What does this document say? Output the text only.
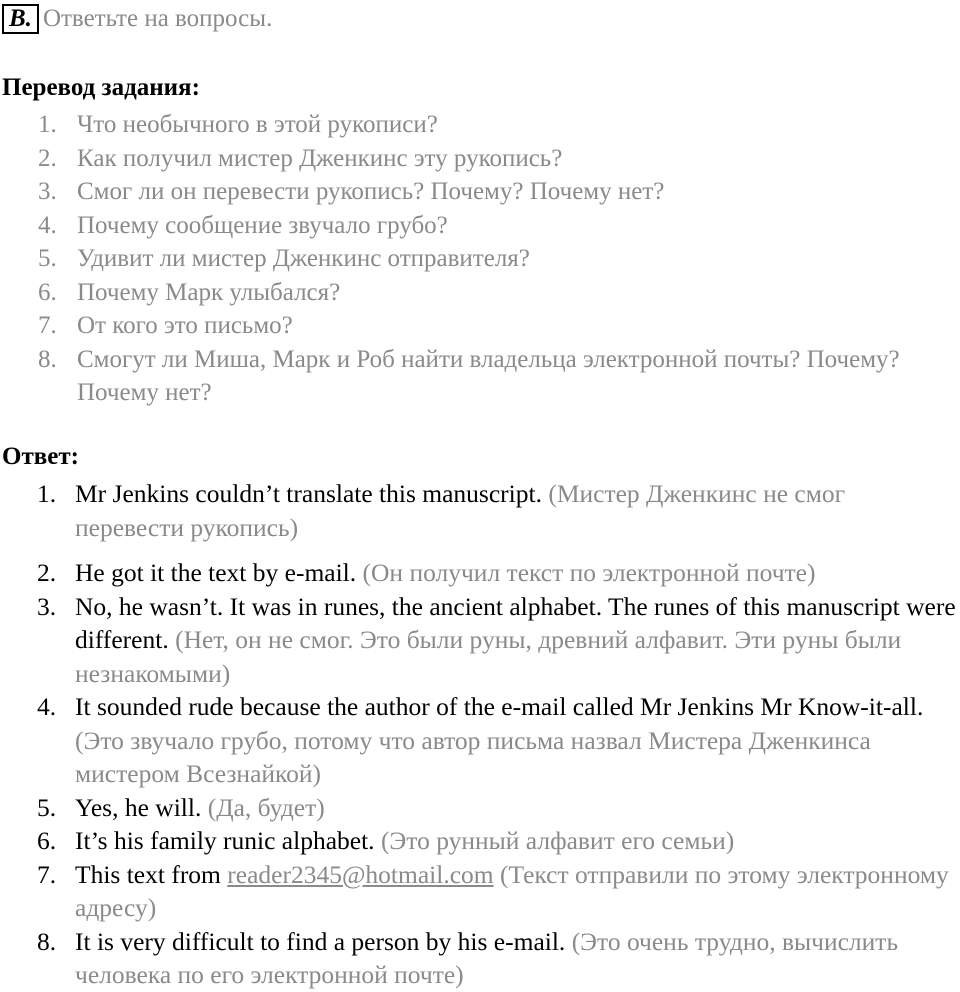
B. Ответьте на вопросы.
Перевод задания:
1. Что необычного в этой рукописи?
2. Как получил мистер Дженкинс эту рукопись?
3. Смог ли он перевести рукопись? Почему? Почему нет?
4. Почему сообщение звучало грубо?
5. Удивит ли мистер Дженкинс отправителя?
6. Почему Марк улыбался?
7. От кого это письмо?
8. Смогут ли Миша, Марк и Роб найти владельца электронной почты? Почему? Почему нет?
Ответ:
1. Mr Jenkins couldn’t translate this manuscript. (Мистер Дженкинс не смог перевести рукопись)
2. He got it the text by e-mail. (Он получил текст по электронной почте)
3. No, he wasn’t. It was in runes, the ancient alphabet. The runes of this manuscript were different. (Нет, он не смог. Это были руны, древний алфавит. Эти руны были незнакомыми)
4. It sounded rude because the author of the e-mail called Mr Jenkins Mr Know-it-all. (Это звучало грубо, потому что автор письма назвал Мистера Дженкинса мистером Всезнайкой)
5. Yes, he will. (Да, будет)
6. It’s his family runic alphabet. (Это рунный алфавит его семьи)
7. This text from reader2345@hotmail.com (Текст отправили по этому электронному адресу)
8. It is very difficult to find a person by his e-mail. (Это очень трудно, вычислить человека по его электронной почте)
